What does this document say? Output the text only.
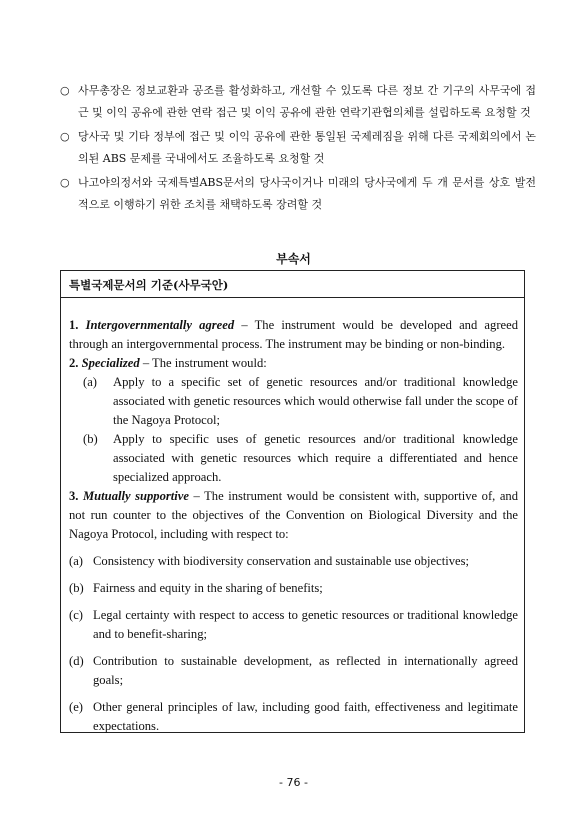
○ 사무총장은 정보교환과 공조를 활성화하고, 개선할 수 있도록 다른 정보 간 기구의 사무국에 접근 및 이익 공유에 관한 연락 접근 및 이익 공유에 관한 연락기관협의체를 설립하도록 요청할 것
○ 당사국 및 기타 정부에 접근 및 이익 공유에 관한 통일된 국제레짐을 위해 다른 국제회의에서 논의된 ABS 문제를 국내에서도 조율하도록 요청할 것
○ 나고야의정서와 국제특별ABS문서의 당사국이거나 미래의 당사국에게 두 개 문서를 상호 발전적으로 이행하기 위한 조치를 채택하도록 장려할 것
부속서
특별국제문서의 기준(사무국안)
1. Intergovernmentally agreed – The instrument would be developed and agreed through an intergovernmental process. The instrument may be binding or non-binding.
2. Specialized – The instrument would:
(a) Apply to a specific set of genetic resources and/or traditional knowledge associated with genetic resources which would otherwise fall under the scope of the Nagoya Protocol;
(b) Apply to specific uses of genetic resources and/or traditional knowledge associated with genetic resources which require a differentiated and hence specialized approach.
3. Mutually supportive – The instrument would be consistent with, supportive of, and not run counter to the objectives of the Convention on Biological Diversity and the Nagoya Protocol, including with respect to:
(a) Consistency with biodiversity conservation and sustainable use objectives;
(b) Fairness and equity in the sharing of benefits;
(c) Legal certainty with respect to access to genetic resources or traditional knowledge and to benefit-sharing;
(d) Contribution to sustainable development, as reflected in internationally agreed goals;
(e) Other general principles of law, including good faith, effectiveness and legitimate expectations.
- 76 -
